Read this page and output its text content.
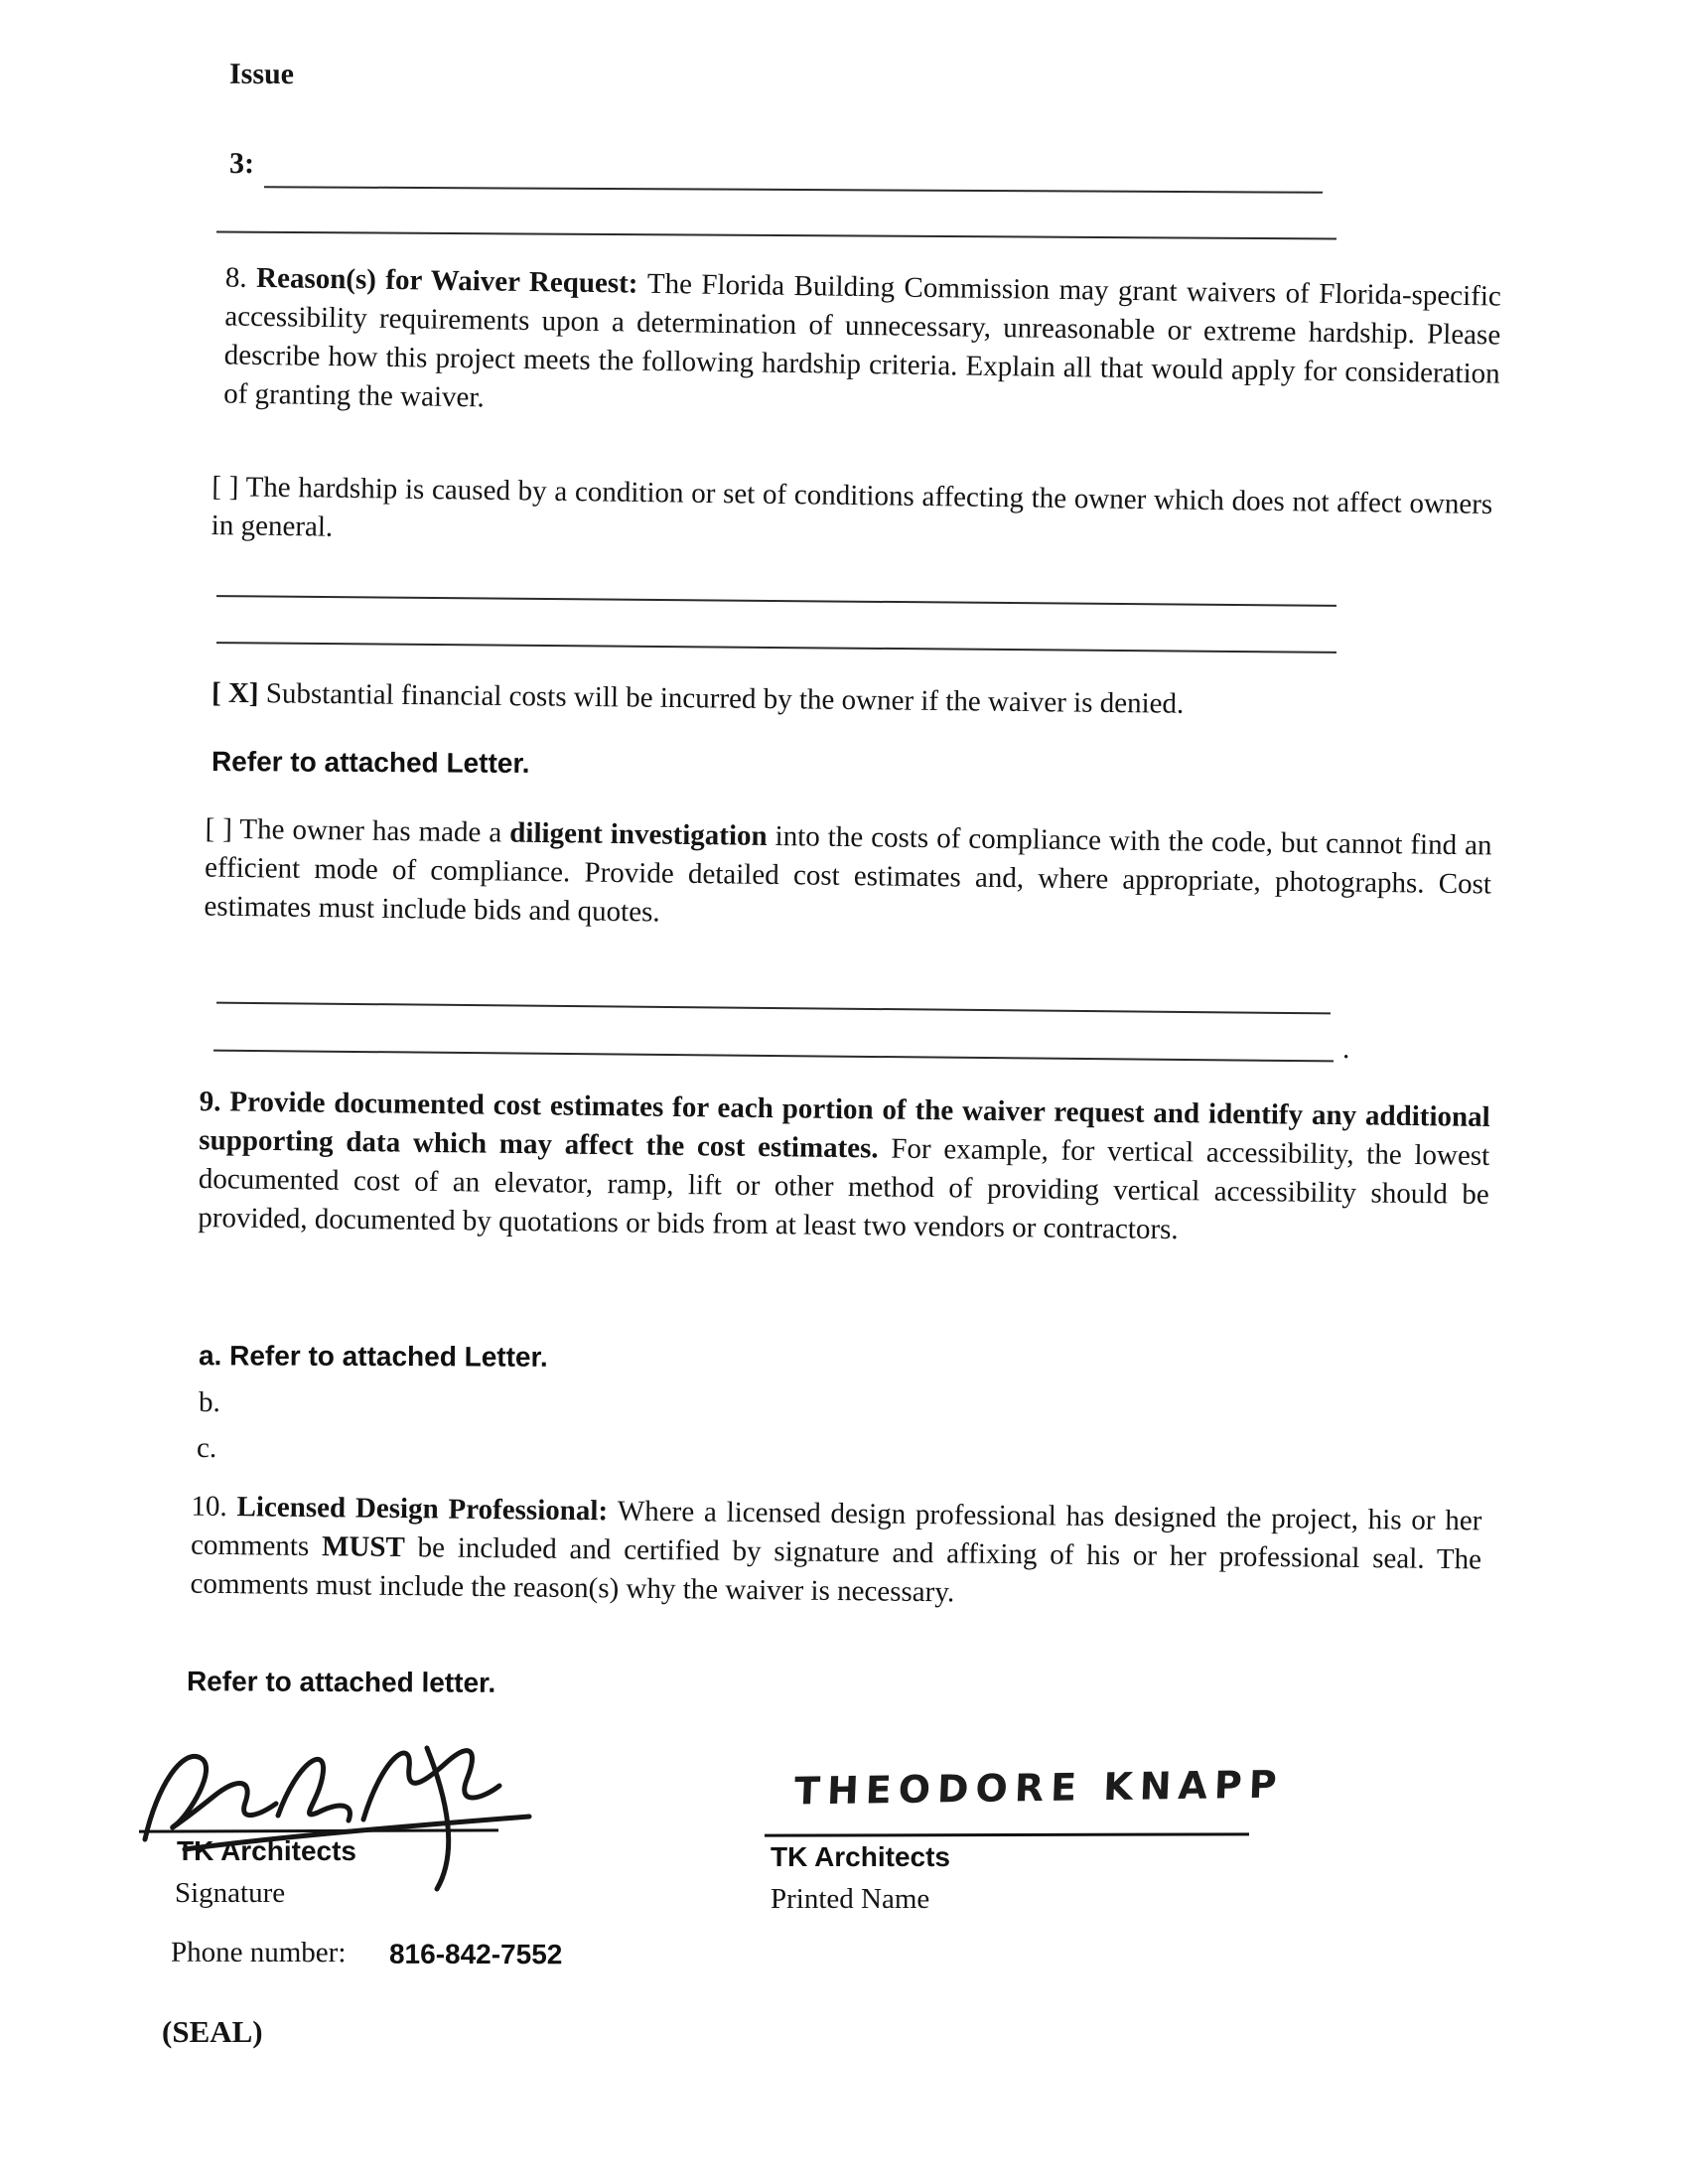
Issue
3:
8. Reason(s) for Waiver Request: The Florida Building Commission may grant waivers of Florida-specific accessibility requirements upon a determination of unnecessary, unreasonable or extreme hardship. Please describe how this project meets the following hardship criteria. Explain all that would apply for consideration of granting the waiver.
[ ] The hardship is caused by a condition or set of conditions affecting the owner which does not affect owners in general.
[ X] Substantial financial costs will be incurred by the owner if the waiver is denied.
Refer to attached Letter.
[ ] The owner has made a diligent investigation into the costs of compliance with the code, but cannot find an efficient mode of compliance. Provide detailed cost estimates and, where appropriate, photographs. Cost estimates must include bids and quotes.
.
9. Provide documented cost estimates for each portion of the waiver request and identify any additional supporting data which may affect the cost estimates. For example, for vertical accessibility, the lowest documented cost of an elevator, ramp, lift or other method of providing vertical accessibility should be provided, documented by quotations or bids from at least two vendors or contractors.
a. Refer to attached Letter.
b.
c.
10. Licensed Design Professional: Where a licensed design professional has designed the project, his or her comments MUST be included and certified by signature and affixing of his or her professional seal. The comments must include the reason(s) why the waiver is necessary.
Refer to attached letter.
TK Architects
Signature
THEODORE KNAPP
TK Architects
Printed Name
Phone number: 816-842-7552
(SEAL)
